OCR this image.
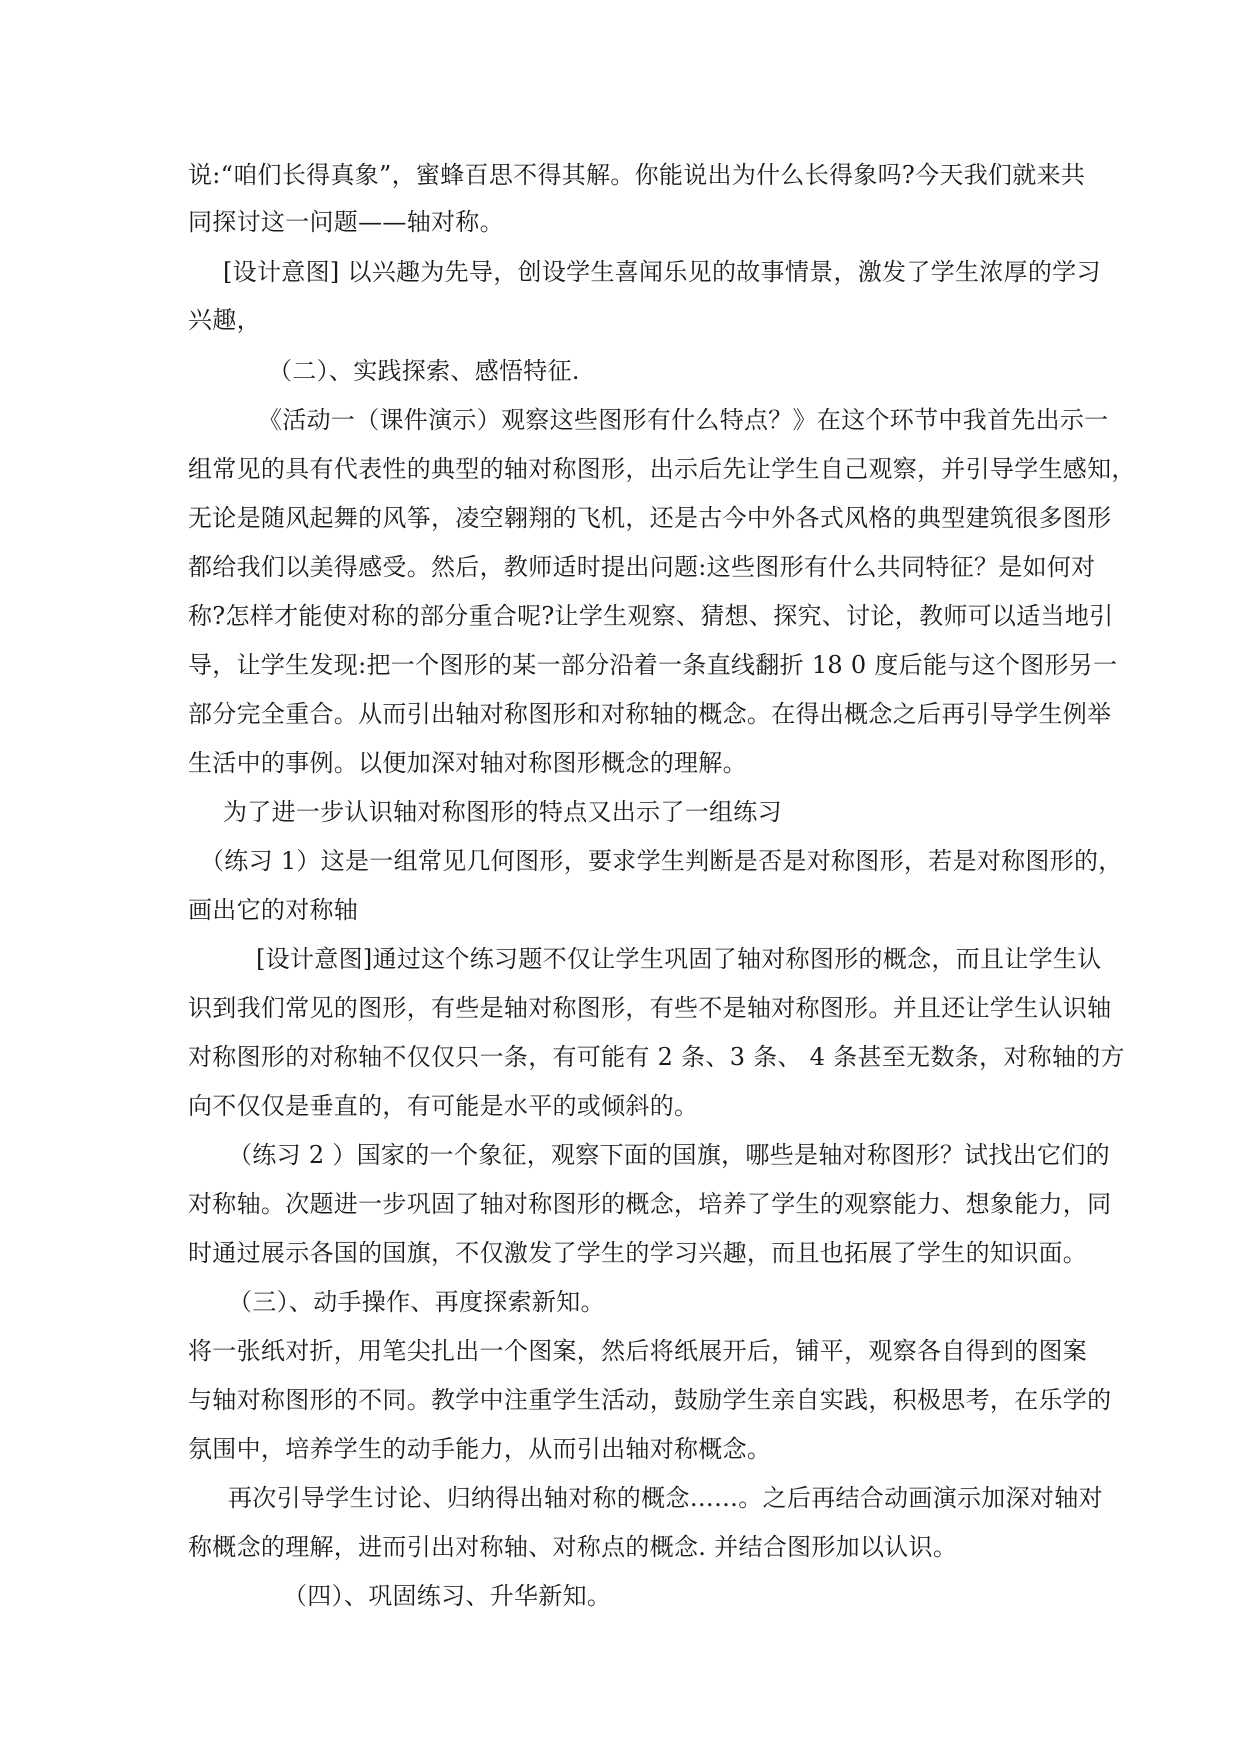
说:“咱们长得真象”，蜜蜂百思不得其解。你能说出为什么长得象吗?今天我们就来共
同探讨这一问题——轴对称。
[设计意图] 以兴趣为先导，创设学生喜闻乐见的故事情景，激发了学生浓厚的学习
兴趣，
（二）、实践探索、感悟特征.
《活动一（课件演示）观察这些图形有什么特点？》在这个环节中我首先出示一
组常见的具有代表性的典型的轴对称图形，出示后先让学生自己观察，并引导学生感知，
无论是随风起舞的风筝，凌空翱翔的飞机，还是古今中外各式风格的典型建筑很多图形
都给我们以美得感受。然后，教师适时提出问题:这些图形有什么共同特征？是如何对
称?怎样才能使对称的部分重合呢?让学生观察、猜想、探究、讨论，教师可以适当地引
导，让学生发现:把一个图形的某一部分沿着一条直线翻折 18 0 度后能与这个图形另一
部分完全重合。从而引出轴对称图形和对称轴的概念。在得出概念之后再引导学生例举
生活中的事例。以便加深对轴对称图形概念的理解。
为了进一步认识轴对称图形的特点又出示了一组练习
（练习 1）这是一组常见几何图形，要求学生判断是否是对称图形，若是对称图形的，
画出它的对称轴
[设计意图]通过这个练习题不仅让学生巩固了轴对称图形的概念，而且让学生认
识到我们常见的图形，有些是轴对称图形，有些不是轴对称图形。并且还让学生认识轴
对称图形的对称轴不仅仅只一条，有可能有 2 条、3 条、 4 条甚至无数条，对称轴的方
向不仅仅是垂直的，有可能是水平的或倾斜的。
（练习 2 ）国家的一个象征，观察下面的国旗，哪些是轴对称图形？试找出它们的
对称轴。次题进一步巩固了轴对称图形的概念，培养了学生的观察能力、想象能力，同
时通过展示各国的国旗，不仅激发了学生的学习兴趣，而且也拓展了学生的知识面。
（三）、动手操作、再度探索新知。
将一张纸对折，用笔尖扎出一个图案，然后将纸展开后，铺平，观察各自得到的图案
与轴对称图形的不同。教学中注重学生活动，鼓励学生亲自实践，积极思考，在乐学的
氛围中，培养学生的动手能力，从而引出轴对称概念。
再次引导学生讨论、归纳得出轴对称的概念……。之后再结合动画演示加深对轴对
称概念的理解，进而引出对称轴、对称点的概念. 并结合图形加以认识。
（四）、巩固练习、升华新知。
